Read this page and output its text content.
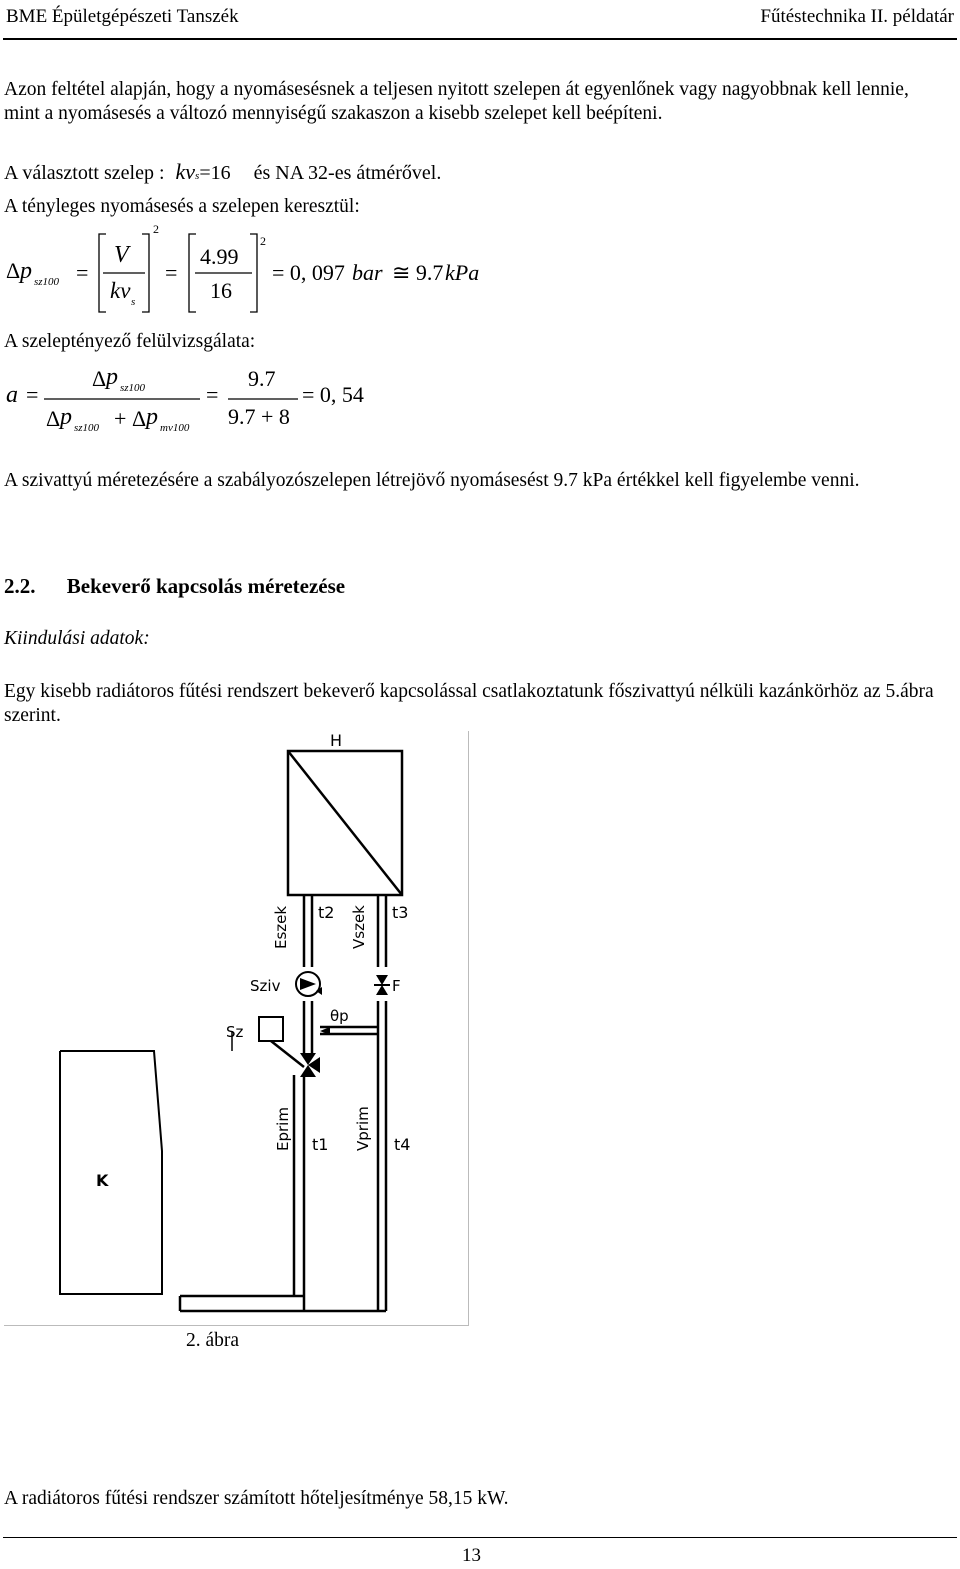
BME Épületgépészeti Tanszék	Fűtéstechnika II. példatár
Azon feltétel alapján, hogy a nyomásesésnek a teljesen nyitott szelepen át egyenlőnek vagy nagyobbnak kell lennie, mint a nyomásesés a változó mennyiségű szakaszon a kisebb szelepet kell beépíteni.
A választott szelep : kvs=16 és NA 32-es átmérővel.
A tényleges nyomásesés a szelepen keresztül:
Δ p sz100 =
V
kv s
2
=
4.99
16
2
= 0, 097 bar ≅ 9.7 kPa
A szeleptényező felülvizsgálata:
a =
Δ p sz100
Δ p sz100 + Δ p mv100
=
9.7
9.7 + 8
= 0, 54
A szivattyú méretezésére a szabályozószelepen létrejövő nyomásesést 9.7 kPa értékkel kell figyelembe venni.
2.2. Bekeverő kapcsolás méretezése
Kiindulási adatok:
Egy kisebb radiátoros fűtési rendszert bekeverő kapcsolással csatlakoztatunk főszivattyú nélküli kazánkörhöz az 5.ábra szerint.
H
t2	t3
Eszek	Vszek
Sziv	F
θp
Sz
Eprim	Vprim
t1	t4
K
2. ábra
A radiátoros fűtési rendszer számított hőteljesítménye 58,15 kW.
13
